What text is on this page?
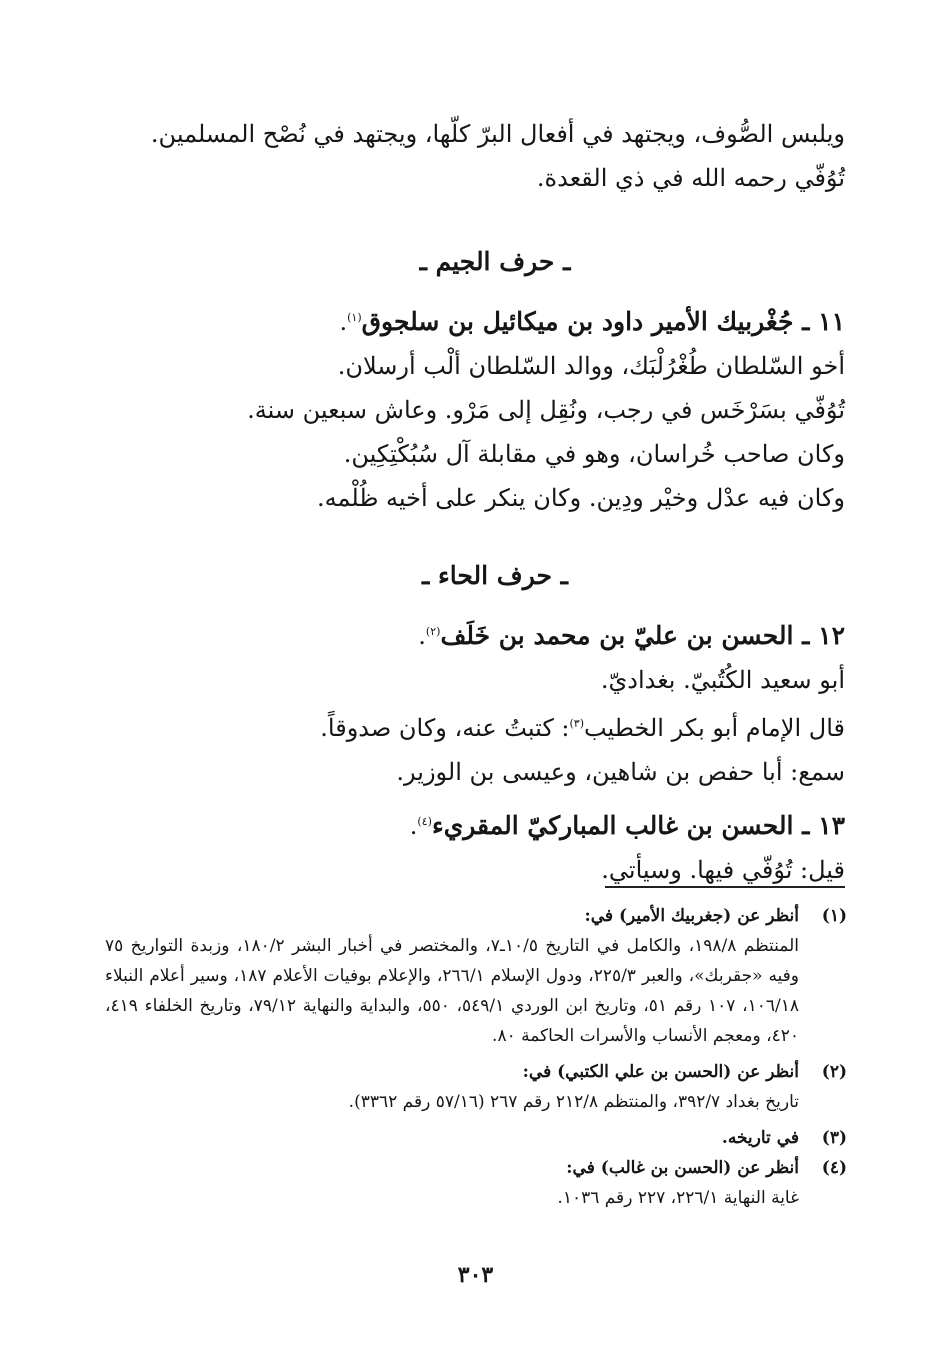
ويلبس الصُّوف، ويجتهد في أفعال البرّ كلّها، ويجتهد في نُصْح المسلمين.
تُوُفّي رحمه الله في ذي القعدة.
ـ حرف الجيم ـ
١١ ـ جُغْربيك الأمير داود بن ميكائيل بن سلجوق$^{(١)}$.
أخو السّلطان طُغْرُلْبَك، ووالد السّلطان ألْب أرسلان.
تُوُفّي بسَرْخَس في رجب، ونُقِل إلى مَرْو. وعاش سبعين سنة.
وكان صاحب خُراسان، وهو في مقابلة آل سُبُكْتِكِين.
وكان فيه عدْل وخيْر ودِين. وكان ينكر على أخيه ظُلْمه.
ـ حرف الحاء ـ
١٢ ـ الحسن بن عليّ بن محمد بن خَلَف$^{(٢)}$.
أبو سعيد الكُتُبيّ. بغداديّ.
قال الإمام أبو بكر الخطيب$^{(٣)}$: كتبتُ عنه، وكان صدوقاً.
سمع: أبا حفص بن شاهين، وعيسى بن الوزير.
١٣ ـ الحسن بن غالب المباركيّ المقريء$^{(٤)}$.
قيل: تُوُفّي فيها. وسيأتي.
(١)
أنظر عن (جغربيك الأمير) في:
المنتظم ١٩٨/٨، والكامل في التاريخ ١٠/٥ـ٧، والمختصر في أخبار البشر ١٨٠/٢، وزبدة التواريخ ٧٥ وفيه «جقربك»، والعبر ٢٢٥/٣، ودول الإسلام ٢٦٦/١، والإعلام بوفيات الأعلام ١٨٧، وسير أعلام النبلاء ١٠٦/١٨، ١٠٧ رقم ٥١، وتاريخ ابن الوردي ٥٤٩/١، ٥٥٠، والبداية والنهاية ٧٩/١٢، وتاريخ الخلفاء ٤١٩، ٤٢٠، ومعجم الأنساب والأسرات الحاكمة ٨٠.
(٢)
أنظر عن (الحسن بن علي الكتبي) في:
تاريخ بغداد ٣٩٢/٧، والمنتظم ٢١٢/٨ رقم ٢٦٧ (٥٧/١٦ رقم ٣٣٦٢).
(٣)
في تاريخه.
(٤)
أنظر عن (الحسن بن غالب) في:
غاية النهاية ٢٢٦/١، ٢٢٧ رقم ١٠٣٦.
٣٠٣
